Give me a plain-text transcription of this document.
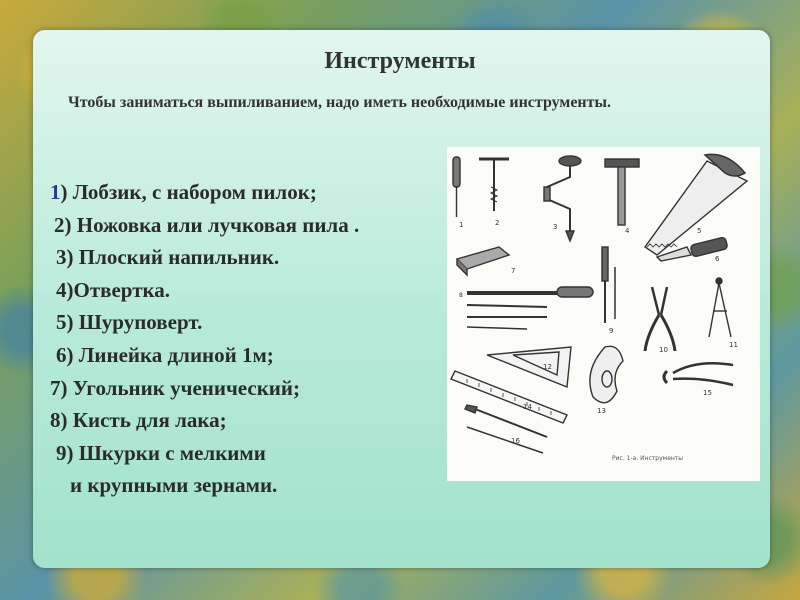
Инструменты

Чтобы заниматься выпиливанием, надо иметь необходимые инструменты.

1) Лобзик, с набором пилок;
2) Ножовка или лучковая пила .
3) Плоский напильник.
4)Отвертка.
5) Шуруповерт.
6) Линейка длиной 1м;
7) Угольник ученический;
8) Кисть для лака;
9) Шкурки с мелкими
и крупными зернами.
1	2	3	4	5
6
7
8
9
10
11
12
13
14
15
16
Рис. 1-а. Инструменты
